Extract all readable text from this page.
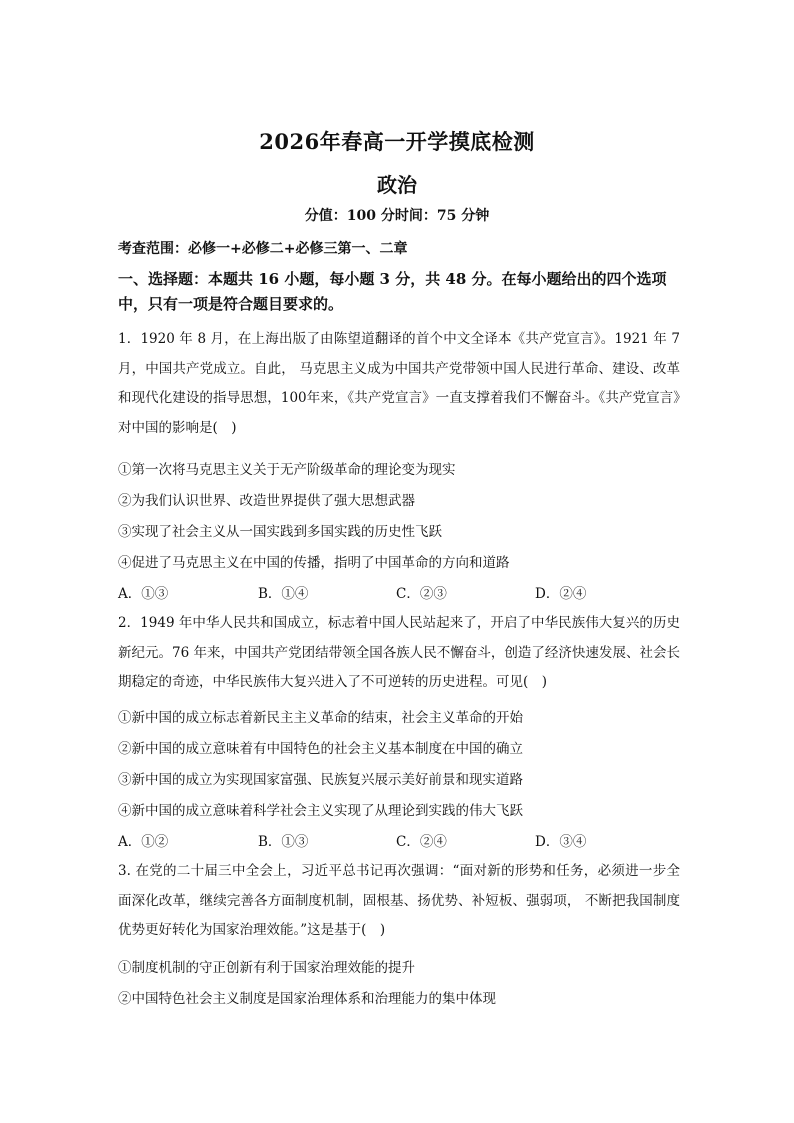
2026年春高一开学摸底检测
政治
分值：100 分时间：75 分钟
考查范围：必修一+必修二+必修三第一、二章
一、选择题：本题共 16 小题，每小题 3 分，共 48 分。在每小题给出的四个选项中，只有一项是符合题目要求的。
1．1920 年 8 月，在上海出版了由陈望道翻译的首个中文全译本《共产党宣言》。1921 年 7 月，中国共产党成立。自此， 马克思主义成为中国共产党带领中国人民进行革命、建设、改革和现代化建设的指导思想，100年来，《共产党宣言》一直支撑着我们不懈奋斗。《共产党宣言》对中国的影响是(　)
①第一次将马克思主义关于无产阶级革命的理论变为现实
②为我们认识世界、改造世界提供了强大思想武器
③实现了社会主义从一国实践到多国实践的历史性飞跃
④促进了马克思主义在中国的传播，指明了中国革命的方向和道路
A．①③	B．①④	C．②③	D．②④
2．1949 年中华人民共和国成立，标志着中国人民站起来了，开启了中华民族伟大复兴的历史新纪元。76 年来，中国共产党团结带领全国各族人民不懈奋斗，创造了经济快速发展、社会长期稳定的奇迹，中华民族伟大复兴进入了不可逆转的历史进程。可见(　)
①新中国的成立标志着新民主主义革命的结束，社会主义革命的开始
②新中国的成立意味着有中国特色的社会主义基本制度在中国的确立
③新中国的成立为实现国家富强、民族复兴展示美好前景和现实道路
④新中国的成立意味着科学社会主义实现了从理论到实践的伟大飞跃
A．①②	B．①③	C．②④	D．③④
3. 在党的二十届三中全会上，习近平总书记再次强调：“面对新的形势和任务，必须进一步全面深化改革，继续完善各方面制度机制，固根基、扬优势、补短板、强弱项， 不断把我国制度优势更好转化为国家治理效能。”这是基于(　)
①制度机制的守正创新有利于国家治理效能的提升
②中国特色社会主义制度是国家治理体系和治理能力的集中体现
